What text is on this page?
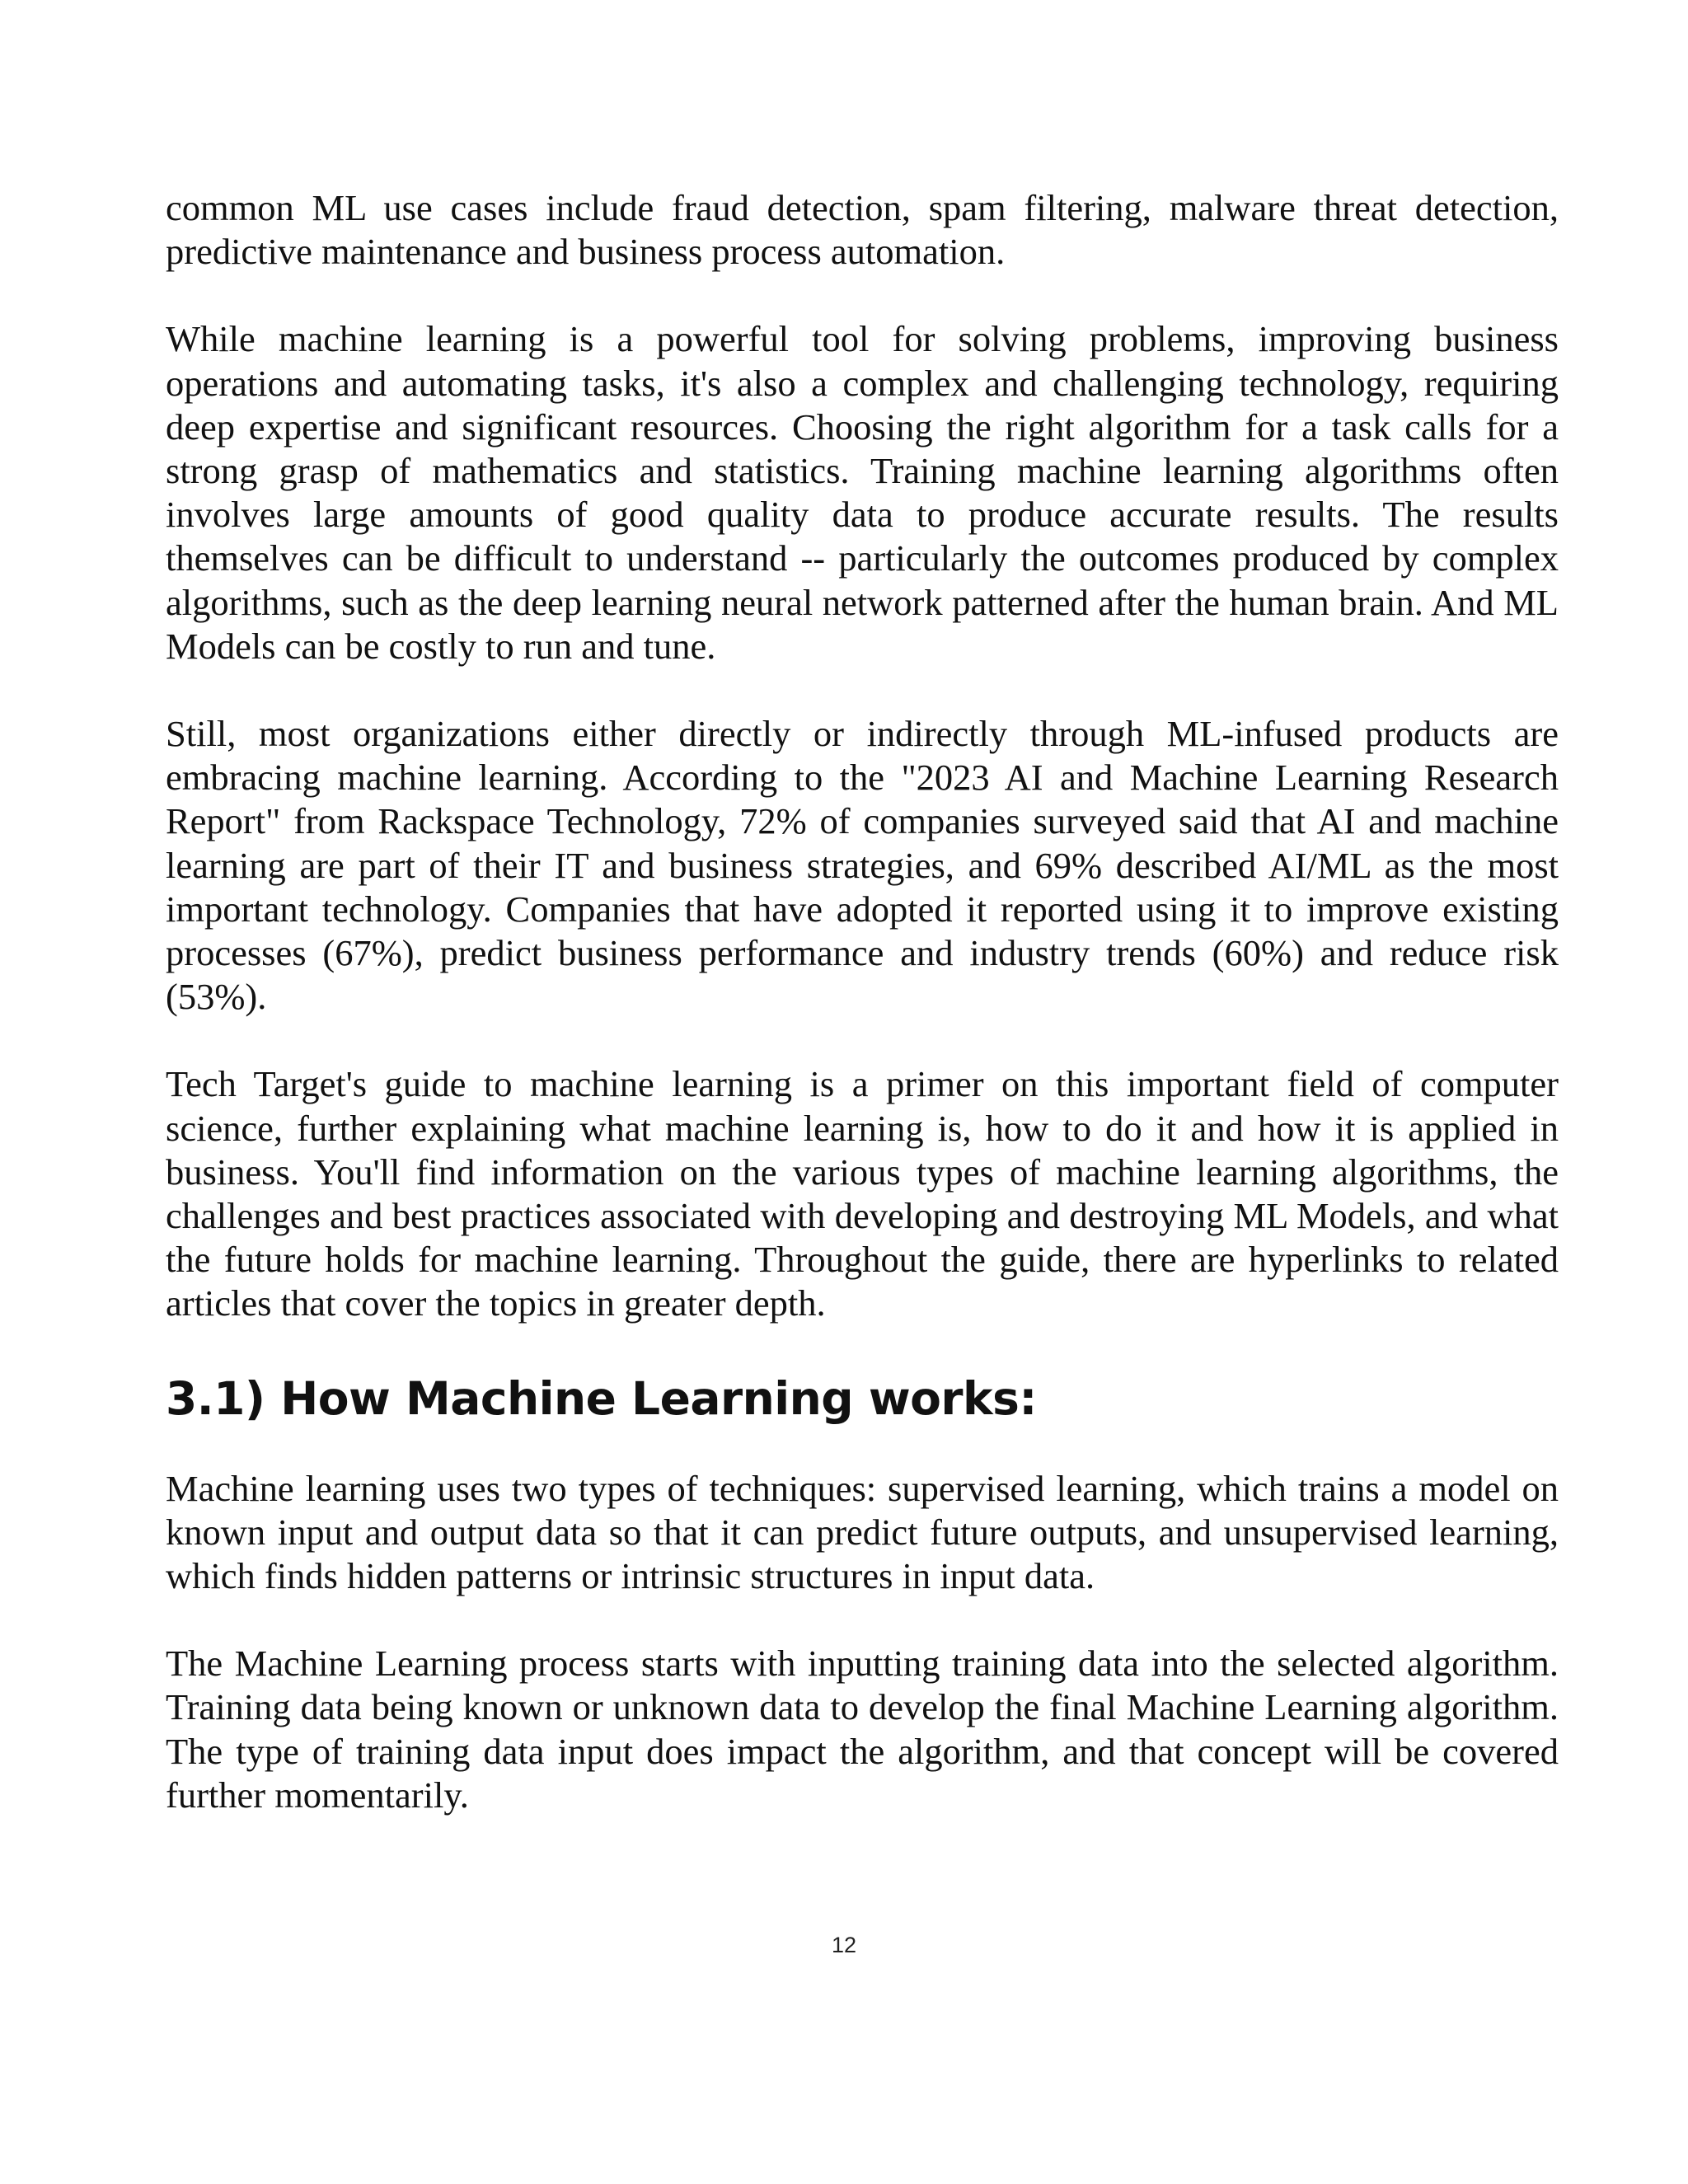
common ML use cases include fraud detection, spam filtering, malware threat detection, predictive maintenance and business process automation.

While machine learning is a powerful tool for solving problems, improving business operations and automating tasks, it's also a complex and challenging technology, requiring deep expertise and significant resources. Choosing the right algorithm for a task calls for a strong grasp of mathematics and statistics. Training machine learning algorithms often involves large amounts of good quality data to produce accurate results. The results themselves can be difficult to understand -- particularly the outcomes produced by complex algorithms, such as the deep learning neural network patterned after the human brain. And ML Models can be costly to run and tune.

Still, most organizations either directly or indirectly through ML-infused products are embracing machine learning. According to the "2023 AI and Machine Learning Research Report" from Rackspace Technology, 72% of companies surveyed said that AI and machine learning are part of their IT and business strategies, and 69% described AI/ML as the most important technology. Companies that have adopted it reported using it to improve existing processes (67%), predict business performance and industry trends (60%) and reduce risk (53%).

Tech Target's guide to machine learning is a primer on this important field of computer science, further explaining what machine learning is, how to do it and how it is applied in business. You'll find information on the various types of machine learning algorithms, the challenges and best practices associated with developing and destroying ML Models, and what the future holds for machine learning. Throughout the guide, there are hyperlinks to related articles that cover the topics in greater depth.

3.1) How Machine Learning works:

Machine learning uses two types of techniques: supervised learning, which trains a model on known input and output data so that it can predict future outputs, and unsupervised learning, which finds hidden patterns or intrinsic structures in input data.

The Machine Learning process starts with inputting training data into the selected algorithm. Training data being known or unknown data to develop the final Machine Learning algorithm. The type of training data input does impact the algorithm, and that concept will be covered further momentarily.

12
